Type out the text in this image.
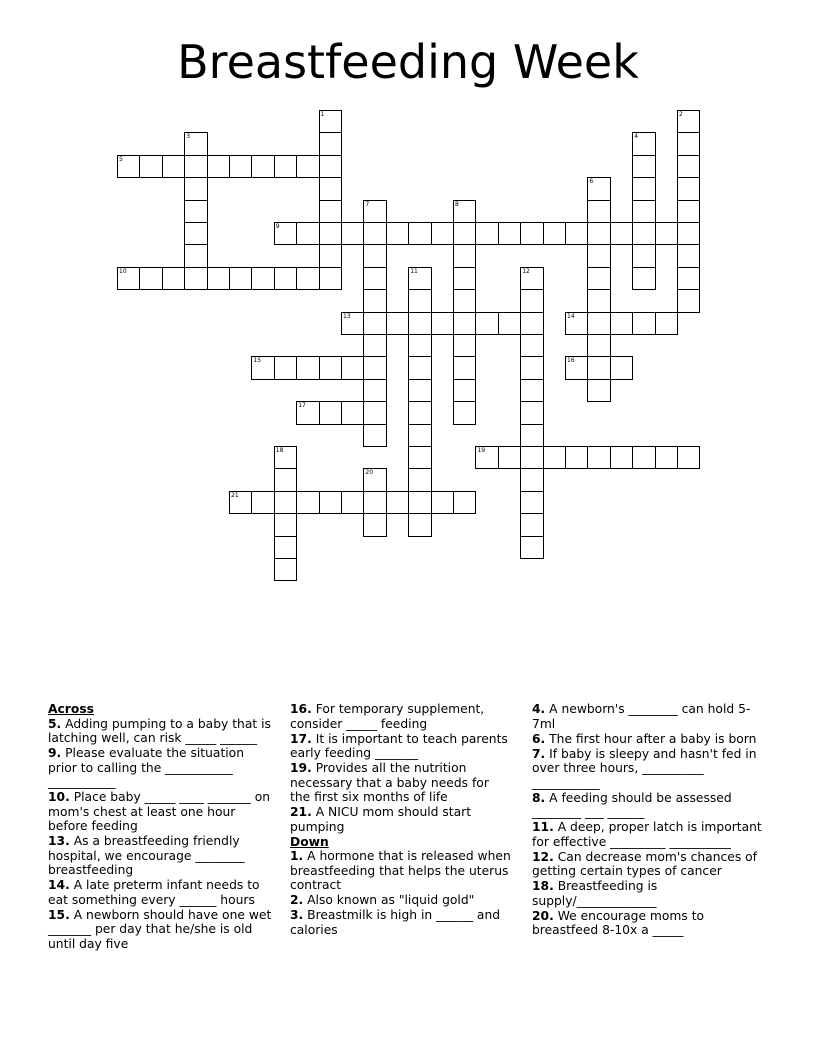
Breastfeeding Week
5
9
10
13	14
15	16
17
19
21
1	2
3	4
6
7	8
11	12
18
20
Across
5. Adding pumping to a baby that is latching well, can risk _____ ______
9. Please evaluate the situation prior to calling the ___________ ___________
10. Place baby _____ ____ _______ on mom's chest at least one hour before feeding
13. As a breastfeeding friendly hospital, we encourage ________ breastfeeding
14. A late preterm infant needs to eat something every ______ hours
15. A newborn should have one wet _______ per day that he/she is old until day five
16. For temporary supplement, consider _____ feeding
17. It is important to teach parents early feeding _______
19. Provides all the nutrition necessary that a baby needs for the first six months of life
21. A NICU mom should start pumping
Down
1. A hormone that is released when breastfeeding that helps the uterus contract
2. Also known as "liquid gold"
3. Breastmilk is high in ______ and calories
4. A newborn's ________ can hold 5-7ml
6. The first hour after a baby is born
7. If baby is sleepy and hasn't fed in over three hours, __________ ___________
8. A feeding should be assessed ________ ___ ______
11. A deep, proper latch is important for effective _________ __________
12. Can decrease mom's chances of getting certain types of cancer
18. Breastfeeding is supply/_____________
20. We encourage moms to breastfeed 8-10x a _____
